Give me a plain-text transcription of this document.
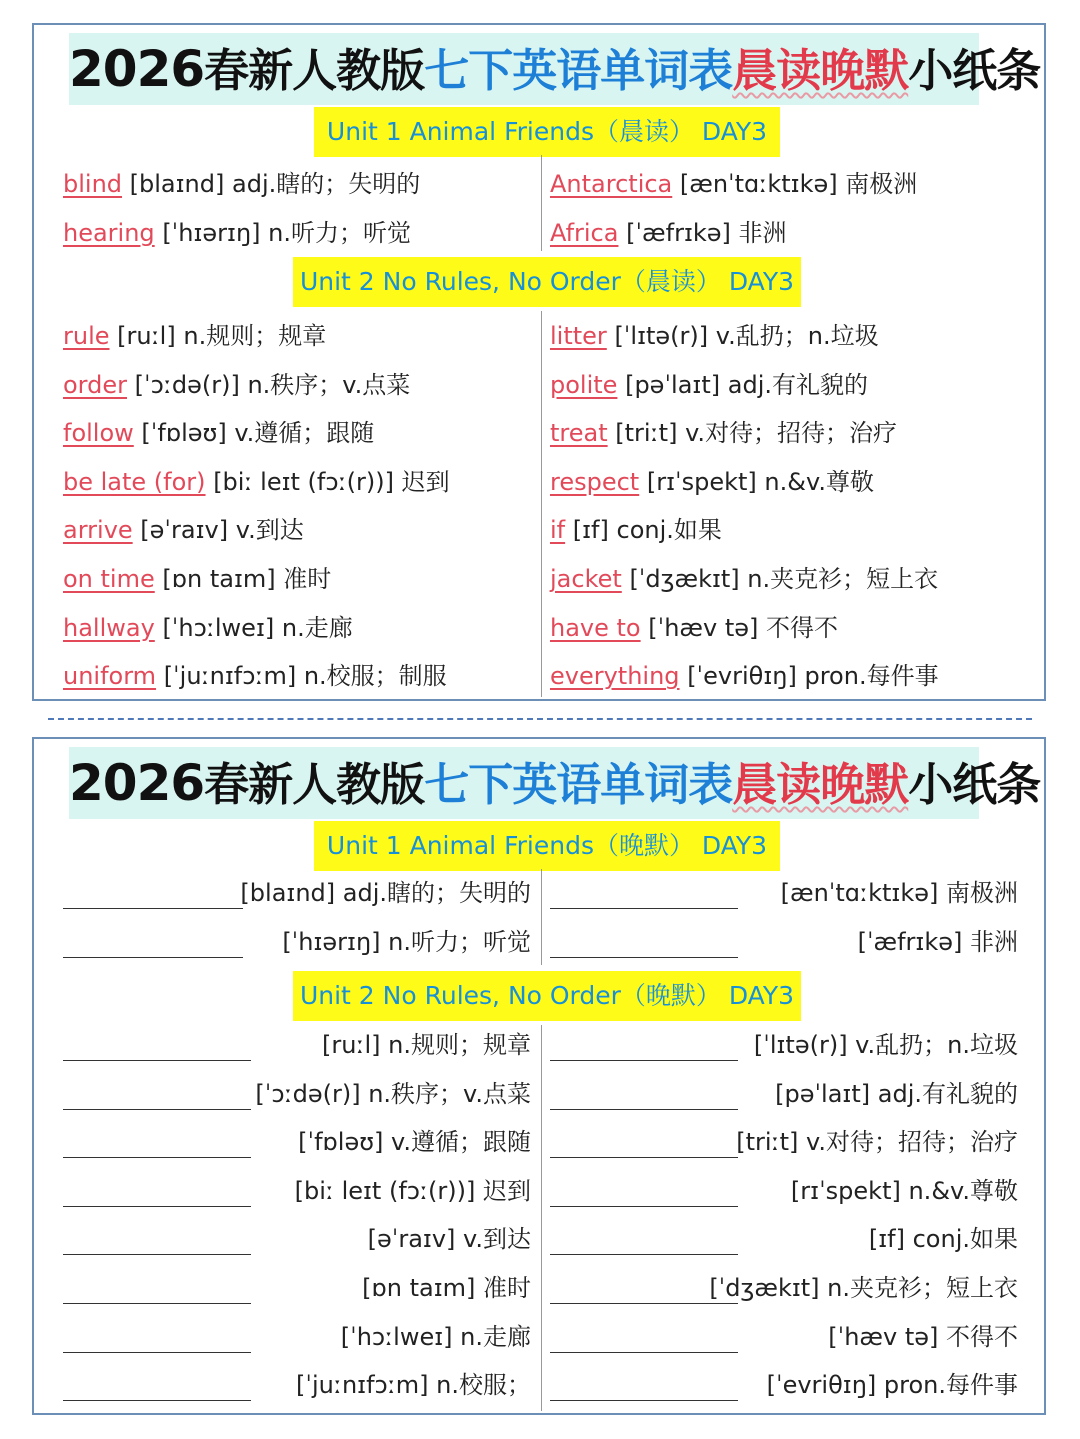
2026春新人教版七下英语单词表晨读晚默小纸条
Unit 1 Animal Friends（晨读） DAY3
Unit 2 No Rules, No Order（晨读） DAY3
blind [blaɪnd] adj.瞎的；失明的
hearing [ˈhɪərɪŋ] n.听力；听觉
Antarctica [ænˈtɑːktɪkə] 南极洲
Africa [ˈæfrɪkə] 非洲
rule [ruːl] n.规则；规章
order [ˈɔːdə(r)] n.秩序；v.点菜
follow [ˈfɒləʊ] v.遵循；跟随
be late (for) [biː leɪt (fɔː(r))] 迟到
arrive [əˈraɪv] v.到达
on time [ɒn taɪm] 准时
hallway [ˈhɔːlweɪ] n.走廊
uniform [ˈjuːnɪfɔːm] n.校服；制服
litter [ˈlɪtə(r)] v.乱扔；n.垃圾
polite [pəˈlaɪt] adj.有礼貌的
treat [triːt] v.对待；招待；治疗
respect [rɪˈspekt] n.&v.尊敬
if [ɪf] conj.如果
jacket [ˈdʒækɪt] n.夹克衫；短上衣
have to [ˈhæv tə] 不得不
everything [ˈevriθɪŋ] pron.每件事
2026春新人教版七下英语单词表晨读晚默小纸条
Unit 1 Animal Friends（晚默） DAY3
Unit 2 No Rules, No Order（晚默） DAY3
[blaɪnd] adj.瞎的；失明的
[ˈhɪərɪŋ] n.听力；听觉
[ænˈtɑːktɪkə] 南极洲
[ˈæfrɪkə] 非洲
[ruːl] n.规则；规章
[ˈɔːdə(r)] n.秩序；v.点菜
[ˈfɒləʊ] v.遵循；跟随
[biː leɪt (fɔː(r))] 迟到
[əˈraɪv] v.到达
[ɒn taɪm] 准时
[ˈhɔːlweɪ] n.走廊
[ˈjuːnɪfɔːm] n.校服；
[ˈlɪtə(r)] v.乱扔；n.垃圾
[pəˈlaɪt] adj.有礼貌的
[triːt] v.对待；招待；治疗
[rɪˈspekt] n.&v.尊敬
[ɪf] conj.如果
[ˈdʒækɪt] n.夹克衫；短上衣
[ˈhæv tə] 不得不
[ˈevriθɪŋ] pron.每件事
